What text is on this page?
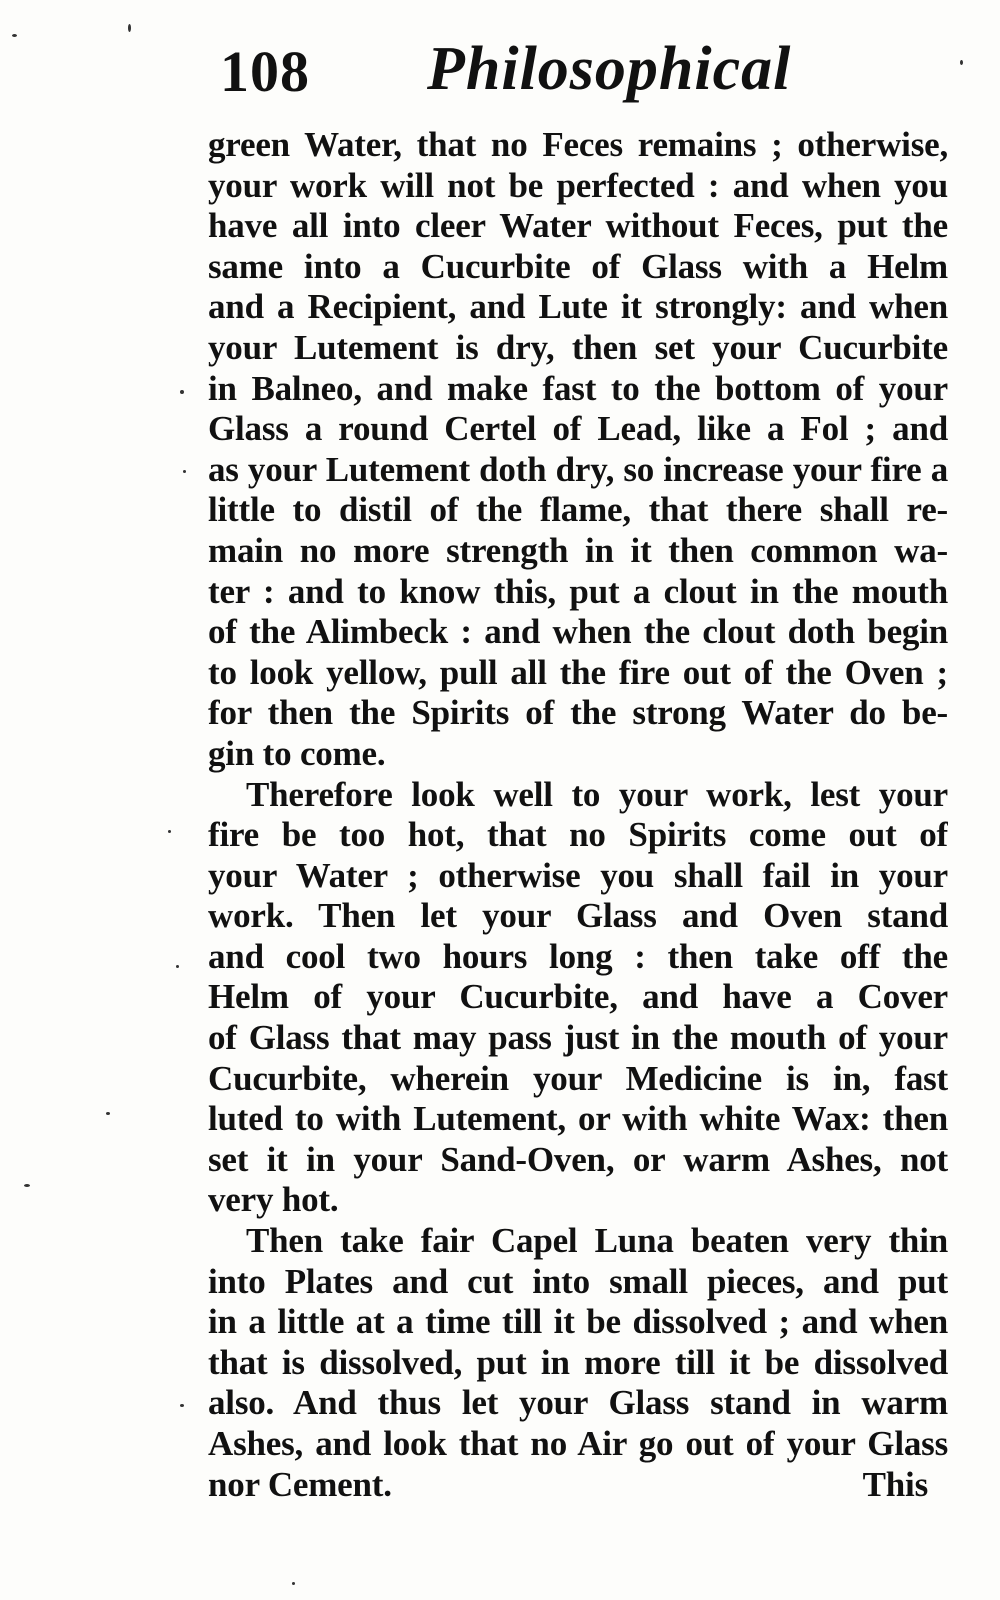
108 Philosophical
green Water, that no Feces remains ; otherwise,
your work will not be perfected : and when you
have all into cleer Water without Feces, put the
same into a Cucurbite of Glass with a Helm
and a Recipient, and Lute it strongly: and when
your Lutement is dry, then set your Cucurbite
in Balneo, and make fast to the bottom of your
Glass a round Certel of Lead, like a Fol ; and
as your Lutement doth dry, so increase your fire a
little to distil of the flame, that there shall re-
main no more strength in it then common wa-
ter : and to know this, put a clout in the mouth
of the Alimbeck : and when the clout doth begin
to look yellow, pull all the fire out of the Oven ;
for then the Spirits of the strong Water do be-
gin to come.
Therefore look well to your work, lest your
fire be too hot, that no Spirits come out of
your Water ; otherwise you shall fail in your
work. Then let your Glass and Oven stand
and cool two hours long : then take off the
Helm of your Cucurbite, and have a Cover
of Glass that may pass just in the mouth of your
Cucurbite, wherein your Medicine is in, fast
luted to with Lutement, or with white Wax: then
set it in your Sand-Oven, or warm Ashes, not
very hot.
Then take fair Capel Luna beaten very thin
into Plates and cut into small pieces, and put
in a little at a time till it be dissolved ; and when
that is dissolved, put in more till it be dissolved
also. And thus let your Glass stand in warm
Ashes, and look that no Air go out of your Glass
nor Cement.	This
